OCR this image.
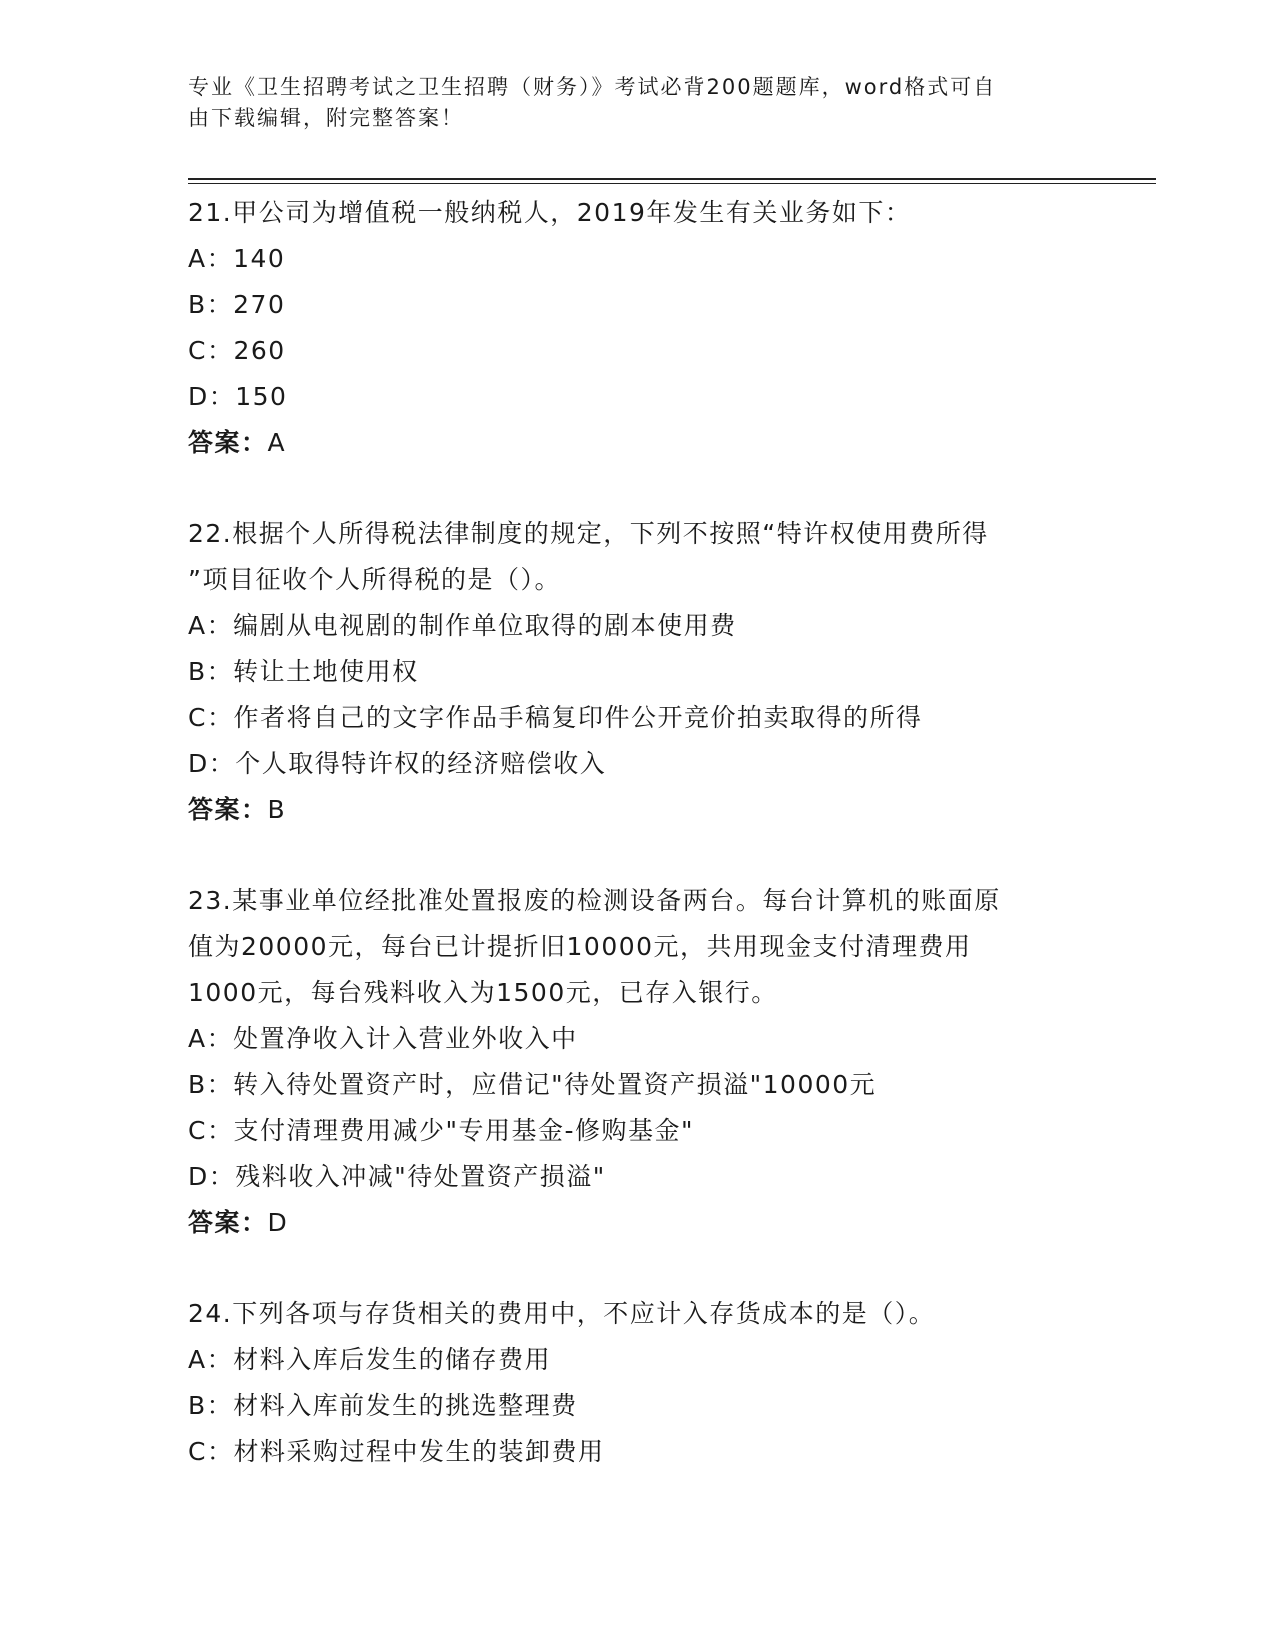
专业《卫生招聘考试之卫生招聘（财务）》考试必背200题题库，word格式可自
由下载编辑，附完整答案！
21.甲公司为增值税一般纳税人，2019年发生有关业务如下：
A：140
B：270
C：260
D：150
答案：A
22.根据个人所得税法律制度的规定，下列不按照“特许权使用费所得
”项目征收个人所得税的是（）。
A：编剧从电视剧的制作单位取得的剧本使用费
B：转让土地使用权
C：作者将自己的文字作品手稿复印件公开竞价拍卖取得的所得
D：个人取得特许权的经济赔偿收入
答案：B
23.某事业单位经批准处置报废的检测设备两台。每台计算机的账面原
值为20000元，每台已计提折旧10000元，共用现金支付清理费用
1000元，每台残料收入为1500元，已存入银行。
A：处置净收入计入营业外收入中
B：转入待处置资产时，应借记"待处置资产损溢"10000元
C：支付清理费用减少"专用基金-修购基金"
D：残料收入冲减"待处置资产损溢"
答案：D
24.下列各项与存货相关的费用中，不应计入存货成本的是（）。
A：材料入库后发生的储存费用
B：材料入库前发生的挑选整理费
C：材料采购过程中发生的装卸费用
